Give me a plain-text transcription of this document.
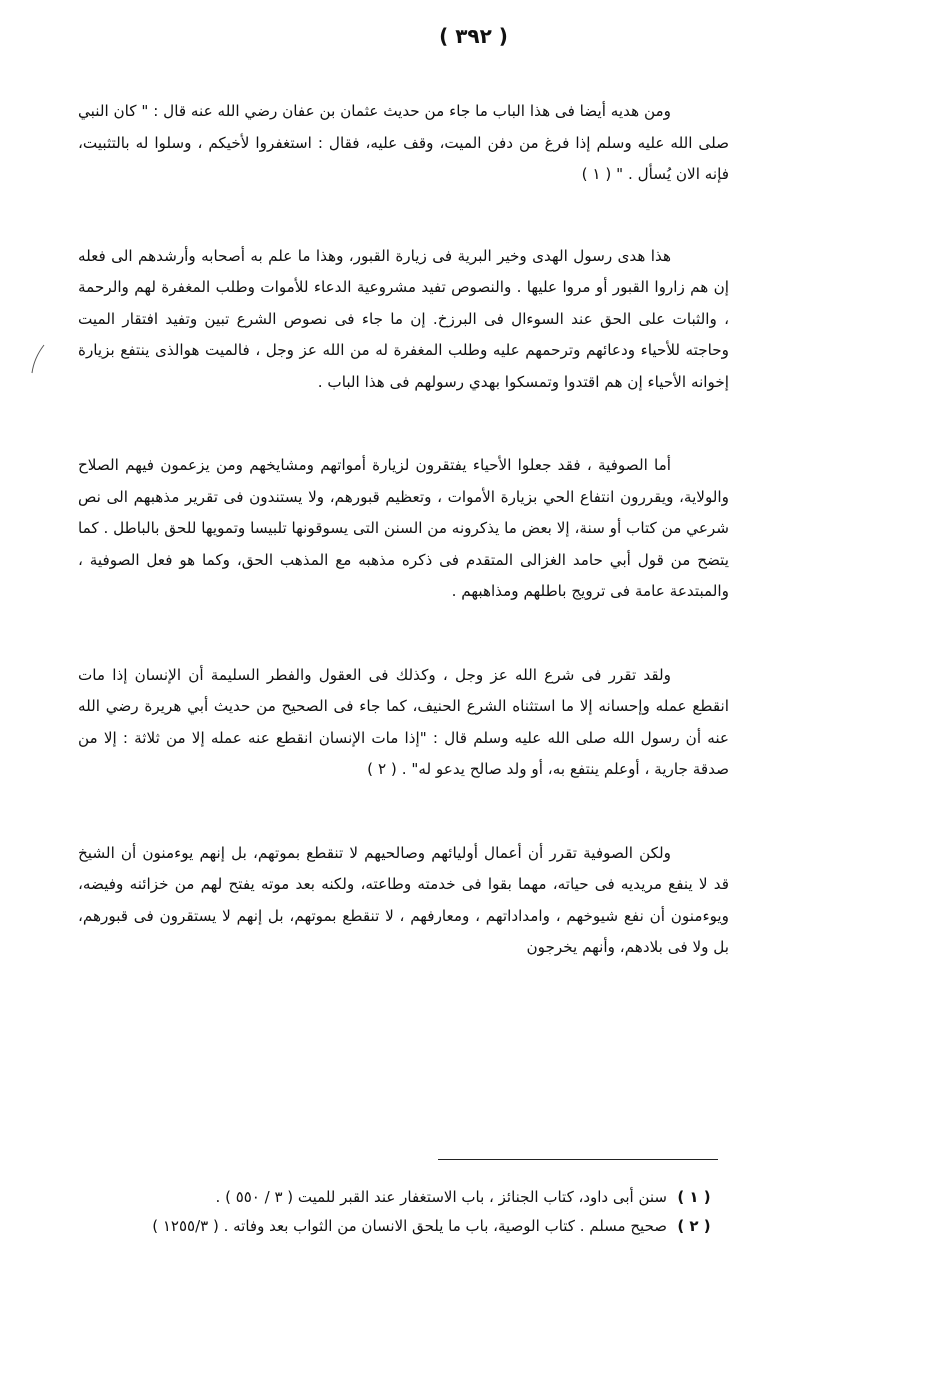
( ٣٩٢ )

ومن هديه أيضا فى هذا الباب ما جاء من حديث عثمان بن عفان رضي الله عنه قال : " كان النبي صلى الله عليه وسلم إذا فرغ من دفن الميت، وقف عليه، فقال : استغفروا لأخيكم ، وسلوا له بالتثبيت، فإنه الان يُسأل . " ( ١ )

هذا هدى رسول الهدى وخير البرية فى زيارة القبور، وهذا ما علم به أصحابه وأرشدهم الى فعله إن هم زاروا القبور أو مروا عليها . والنصوص تفيد مشروعية الدعاء للأموات وطلب المغفرة لهم والرحمة ، والثبات على الحق عند السوءال فى البرزخ. إن ما جاء فى نصوص الشرع تبين وتفيد افتقار الميت وحاجته للأحياء ودعائهم وترحمهم عليه وطلب المغفرة له من الله عز وجل ، فالميت هوالذى ينتفع بزيارة إخوانه الأحياء إن هم اقتدوا وتمسكوا بهدي رسولهم فى هذا الباب .

أما الصوفية ، فقد جعلوا الأحياء يفتقرون لزيارة أمواتهم ومشايخهم ومن يزعمون فيهم الصلاح والولاية، ويقررون انتفاع الحي بزيارة الأموات ، وتعظيم قبورهم، ولا يستندون فى تقرير مذهبهم الى نص شرعي من كتاب أو سنة، إلا بعض ما يذكرونه من السنن التى يسوقونها تلبيسا وتمويها للحق بالباطل . كما يتضح من قول أبي حامد الغزالى المتقدم فى ذكره مذهبه مع المذهب الحق، وكما هو فعل الصوفية ، والمبتدعة عامة فى ترويج باطلهم ومذاهبهم .

ولقد تقرر فى شرع الله عز وجل ، وكذلك فى العقول والفطر السليمة أن الإنسان إذا مات انقطع عمله وإحسانه إلا ما استثناه الشرع الحنيف، كما جاء فى الصحيح من حديث أبي هريرة رضي الله عنه أن رسول الله صلى الله عليه وسلم قال : "إذا مات الإنسان انقطع عنه عمله إلا من ثلاثة : إلا من صدقة جارية ، أوعلم ينتفع به، أو ولد صالح يدعو له" . ( ٢ )

ولكن الصوفية تقرر أن أعمال أوليائهم وصالحيهم لا تنقطع بموتهم، بل إنهم يوءمنون أن الشيخ قد لا ينفع مريديه فى حياته، مهما بقوا فى خدمته وطاعته، ولكنه بعد موته يفتح لهم من خزائنه وفيضه، ويوءمنون أن نفع شيوخهم ، وامداداتهم ، ومعارفهم ، لا تنقطع بموتهم، بل إنهم لا يستقرون فى قبورهم، بل ولا فى بلادهم، وأنهم يخرجون

( ١ )
سنن أبى داود، كتاب الجنائز ، باب الاستغفار عند القبر للميت ( ٣ / ٥٥٠ ) .
( ٢ )
صحيح مسلم . كتاب الوصية، باب ما يلحق الانسان من الثواب بعد وفاته . ( ١٢٥٥/٣ )
